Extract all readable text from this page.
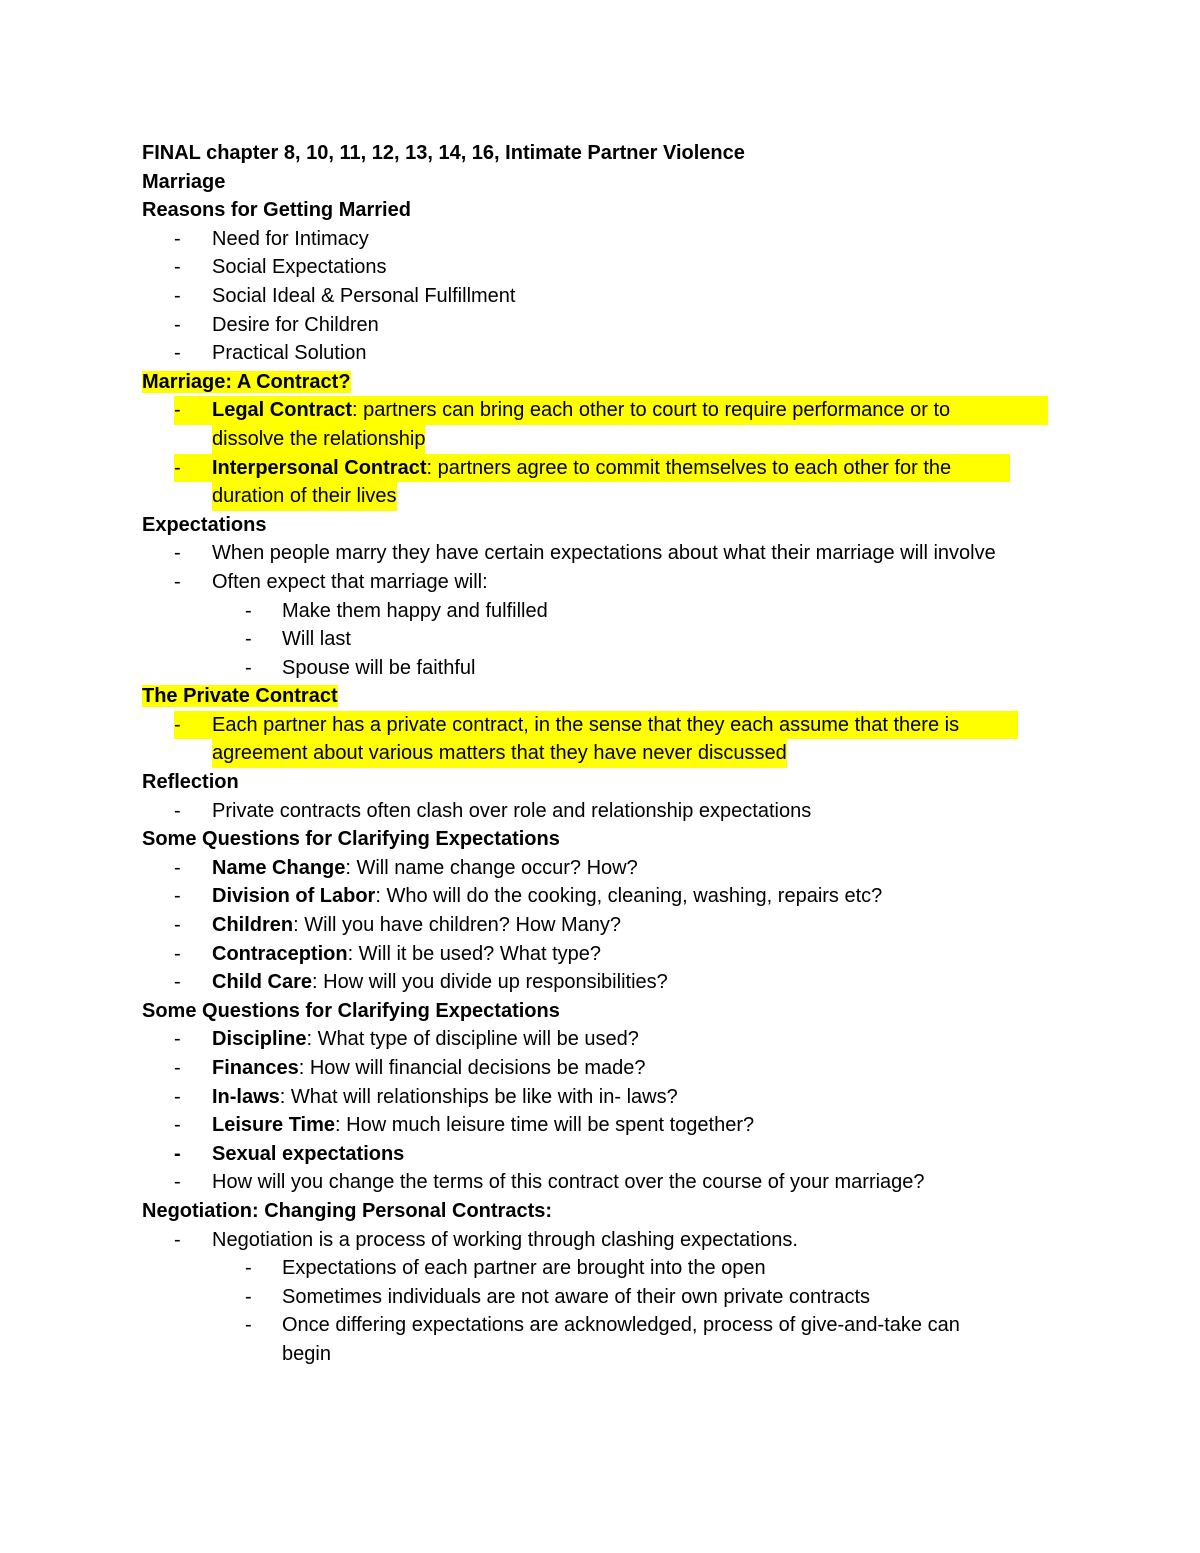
FINAL chapter 8, 10, 11, 12, 13, 14, 16, Intimate Partner Violence
Marriage
Reasons for Getting Married
- Need for Intimacy
- Social Expectations
- Social Ideal & Personal Fulfillment
- Desire for Children
- Practical Solution
Marriage: A Contract?
- Legal Contract: partners can bring each other to court to require performance or to
dissolve the relationship
- Interpersonal Contract: partners agree to commit themselves to each other for the
duration of their lives
Expectations
- When people marry they have certain expectations about what their marriage will involve
- Often expect that marriage will:
- Make them happy and fulfilled
- Will last
- Spouse will be faithful
The Private Contract
- Each partner has a private contract, in the sense that they each assume that there is
agreement about various matters that they have never discussed
Reflection
- Private contracts often clash over role and relationship expectations
Some Questions for Clarifying Expectations
- Name Change: Will name change occur? How?
- Division of Labor: Who will do the cooking, cleaning, washing, repairs etc?
- Children: Will you have children? How Many?
- Contraception: Will it be used? What type?
- Child Care: How will you divide up responsibilities?
Some Questions for Clarifying Expectations
- Discipline: What type of discipline will be used?
- Finances: How will financial decisions be made?
- In-laws: What will relationships be like with in- laws?
- Leisure Time: How much leisure time will be spent together?
- Sexual expectations
- How will you change the terms of this contract over the course of your marriage?
Negotiation: Changing Personal Contracts:
- Negotiation is a process of working through clashing expectations.
- Expectations of each partner are brought into the open
- Sometimes individuals are not aware of their own private contracts
- Once differing expectations are acknowledged, process of give-and-take can
begin
